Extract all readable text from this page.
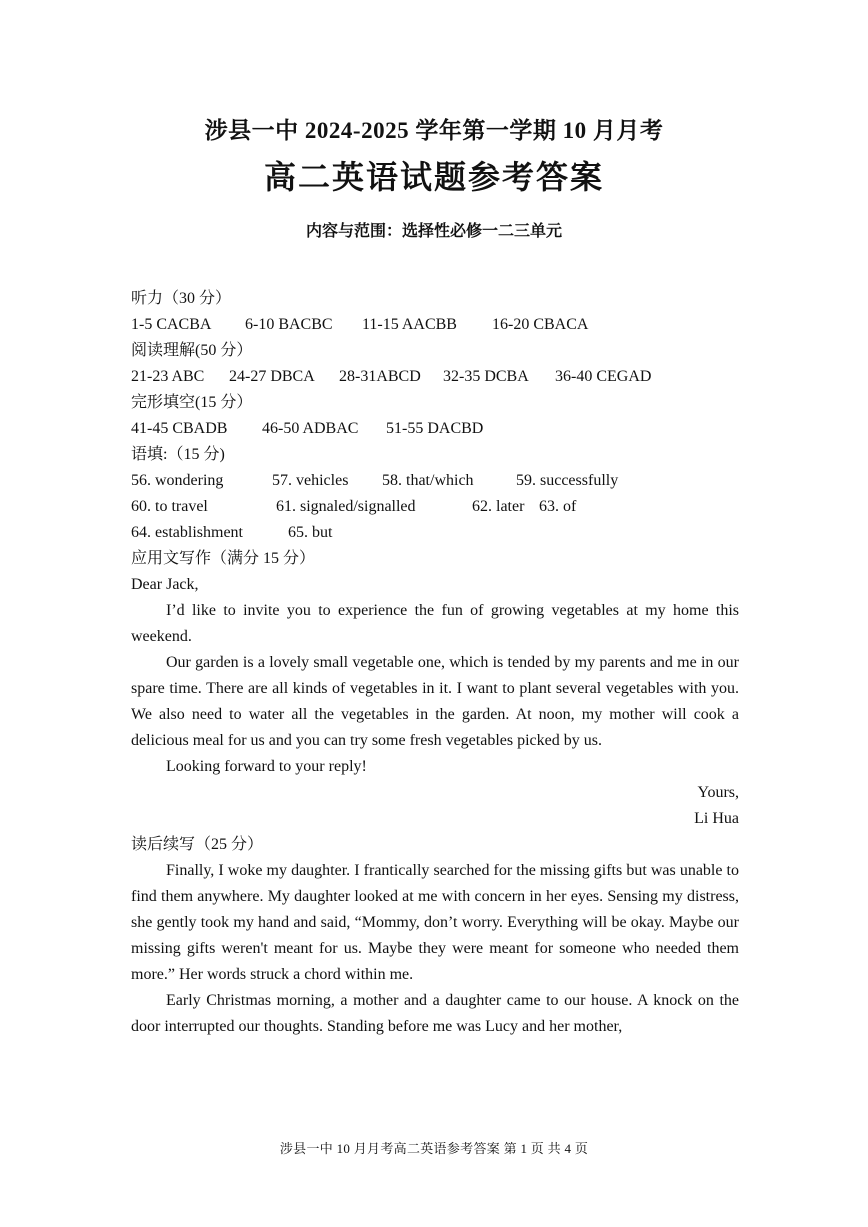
涉县一中 2024-2025 学年第一学期 10 月月考
高二英语试题参考答案
内容与范围：选择性必修一二三单元
听力（30 分）
1-5 CACBA 6-10 BACBC 11-15 AACBB 16-20 CBACA
阅读理解(50 分）
21-23 ABC 24-27 DBCA 28-31ABCD 32-35 DCBA 36-40 CEGAD
完形填空(15 分）
41-45 CBADB 46-50 ADBAC 51-55 DACBD
语填:（15 分)
56. wondering	57. vehicles 58. that/which	59. successfully
60. to travel	61. signaled/signalled	62. later 63. of
64. establishment	65. but
应用文写作（满分 15 分）
Dear Jack,

I’d like to invite you to experience the fun of growing vegetables at my home this weekend.

Our garden is a lovely small vegetable one, which is tended by my parents and me in our spare time. There are all kinds of vegetables in it. I want to plant several vegetables with you. We also need to water all the vegetables in the garden. At noon, my mother will cook a delicious meal for us and you can try some fresh vegetables picked by us.

Looking forward to your reply!

Yours,
Li Hua
读后续写（25 分）

Finally, I woke my daughter. I frantically searched for the missing gifts but was unable to find them anywhere. My daughter looked at me with concern in her eyes. Sensing my distress, she gently took my hand and said, “Mommy, don’t worry. Everything will be okay. Maybe our missing gifts weren't meant for us. Maybe they were meant for someone who needed them more.” Her words struck a chord within me.

Early Christmas morning, a mother and a daughter came to our house. A knock on the door interrupted our thoughts. Standing before me was Lucy and her mother,

涉县一中 10 月月考高二英语参考答案 第 1 页 共 4 页
